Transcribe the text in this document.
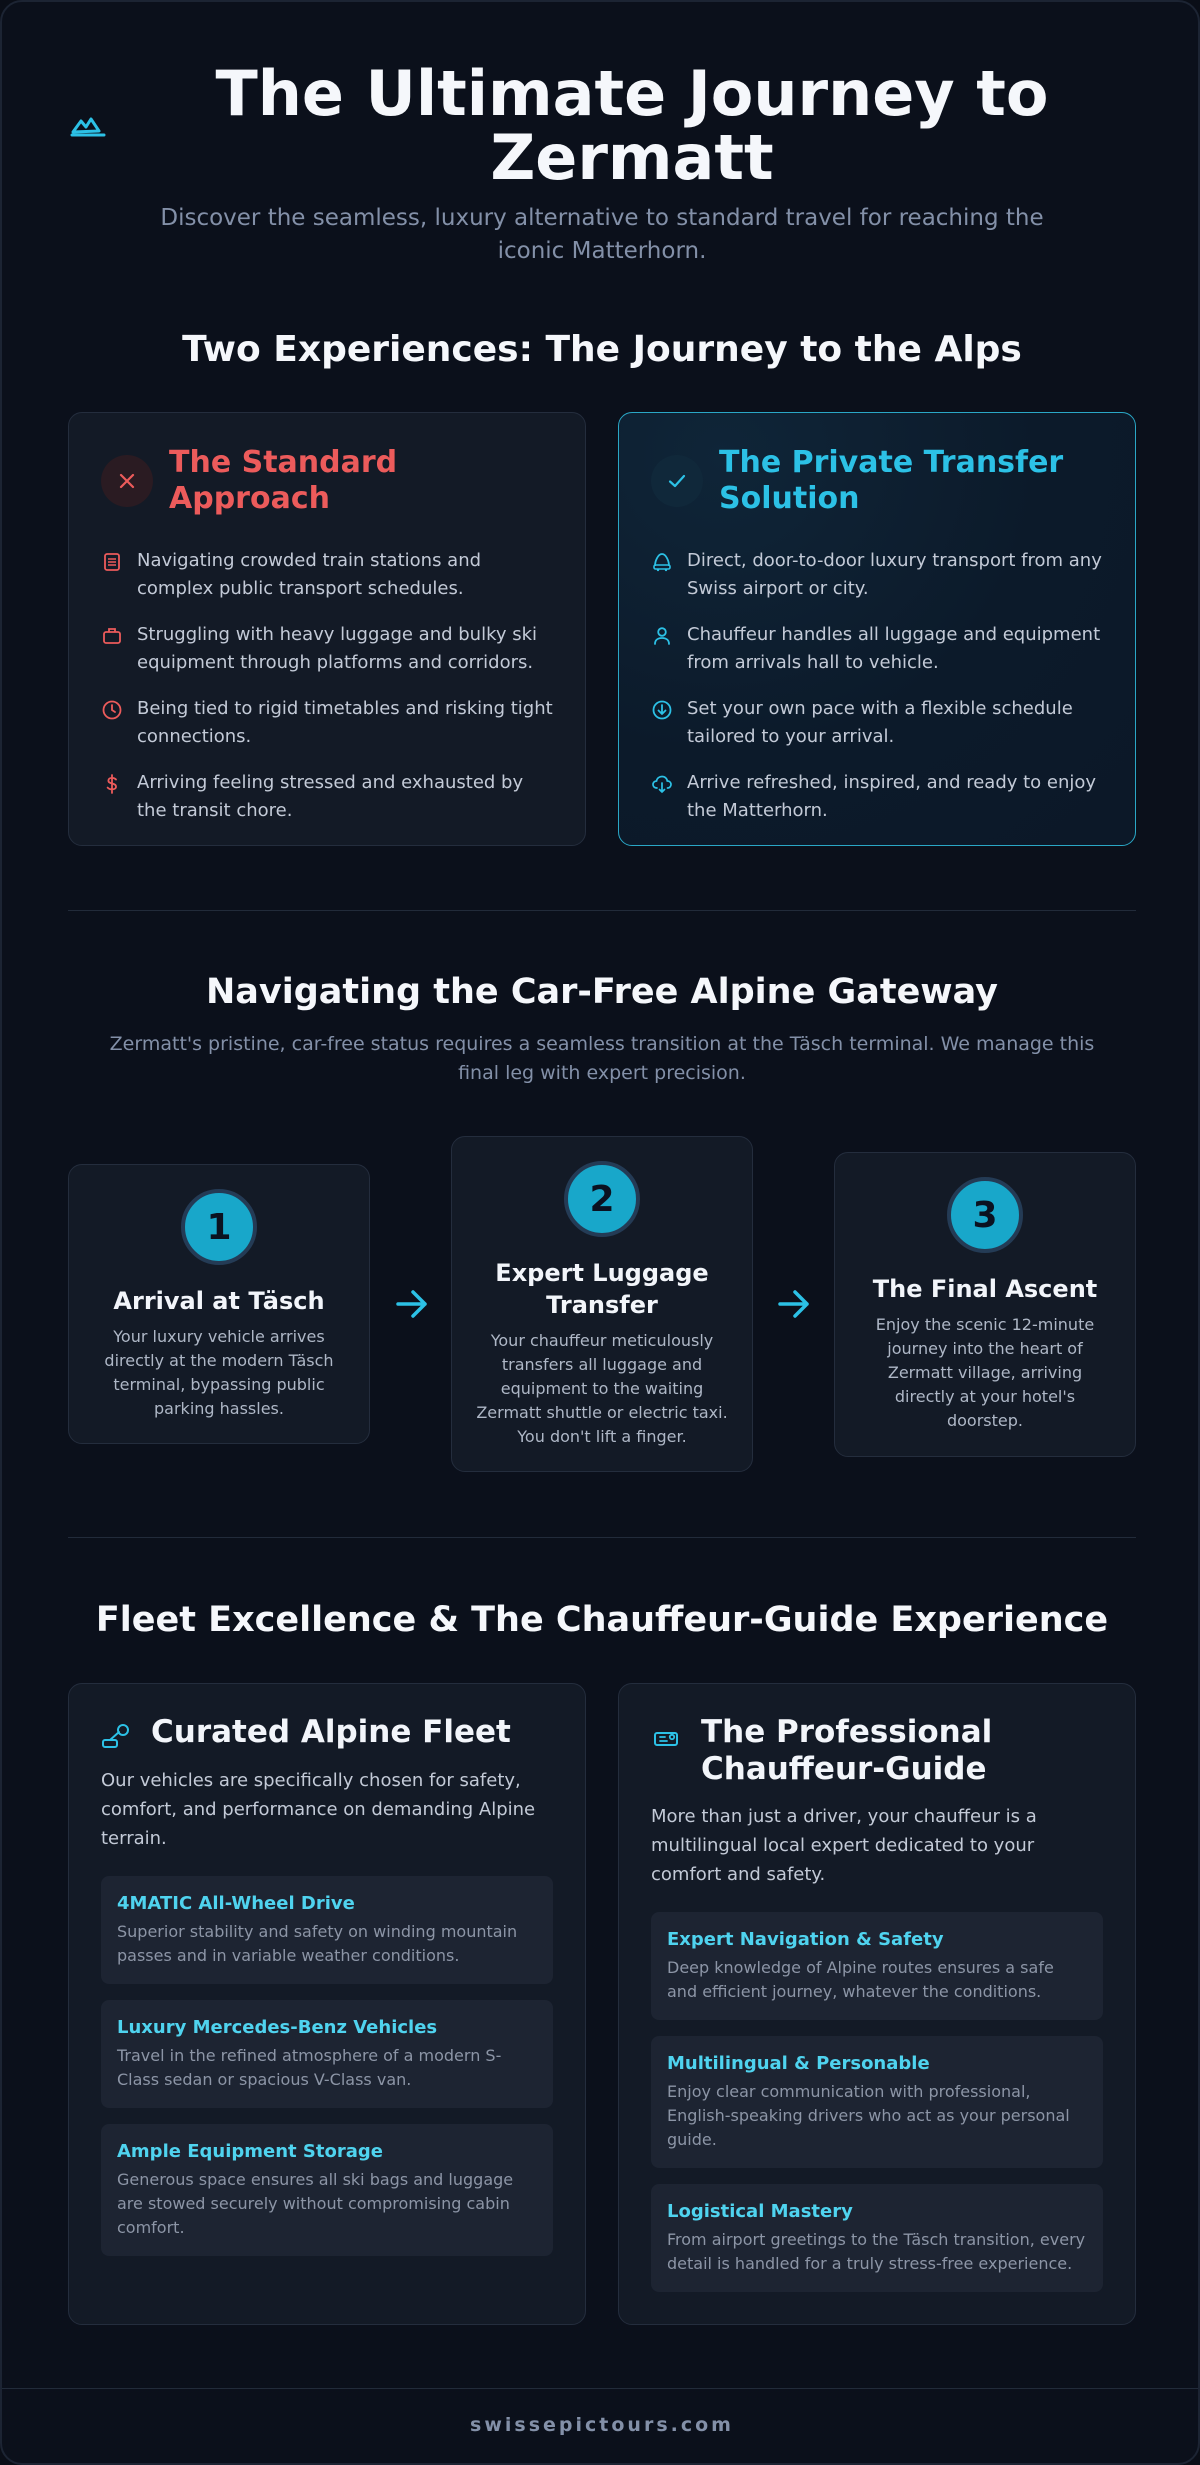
The Ultimate Journey to Zermatt
Discover the seamless, luxury alternative to standard travel for reaching the iconic Matterhorn.
Two Experiences: The Journey to the Alps
The Standard Approach
Navigating crowded train stations and complex public transport schedules.
Struggling with heavy luggage and bulky ski equipment through platforms and corridors.
Being tied to rigid timetables and risking tight connections.
Arriving feeling stressed and exhausted by the transit chore.
The Private Transfer Solution
Direct, door-to-door luxury transport from any Swiss airport or city.
Chauffeur handles all luggage and equipment from arrivals hall to vehicle.
Set your own pace with a flexible schedule tailored to your arrival.
Arrive refreshed, inspired, and ready to enjoy the Matterhorn.
Navigating the Car-Free Alpine Gateway
Zermatt's pristine, car-free status requires a seamless transition at the Täsch terminal. We manage this final leg with expert precision.
1
Arrival at Täsch
Your luxury vehicle arrives directly at the modern Täsch terminal, bypassing public parking hassles.
2
Expert Luggage Transfer
Your chauffeur meticulously transfers all luggage and equipment to the waiting Zermatt shuttle or electric taxi. You don't lift a finger.
3
The Final Ascent
Enjoy the scenic 12-minute journey into the heart of Zermatt village, arriving directly at your hotel's doorstep.
Fleet Excellence & The Chauffeur-Guide Experience
Curated Alpine Fleet
Our vehicles are specifically chosen for safety, comfort, and performance on demanding Alpine terrain.
4MATIC All-Wheel Drive
Superior stability and safety on winding mountain passes and in variable weather conditions.
Luxury Mercedes-Benz Vehicles
Travel in the refined atmosphere of a modern S-Class sedan or spacious V-Class van.
Ample Equipment Storage
Generous space ensures all ski bags and luggage are stowed securely without compromising cabin comfort.
The Professional Chauffeur-Guide
More than just a driver, your chauffeur is a multilingual local expert dedicated to your comfort and safety.
Expert Navigation & Safety
Deep knowledge of Alpine routes ensures a safe and efficient journey, whatever the conditions.
Multilingual & Personable
Enjoy clear communication with professional, English-speaking drivers who act as your personal guide.
Logistical Mastery
From airport greetings to the Täsch transition, every detail is handled for a truly stress-free experience.
swissepictours.com
